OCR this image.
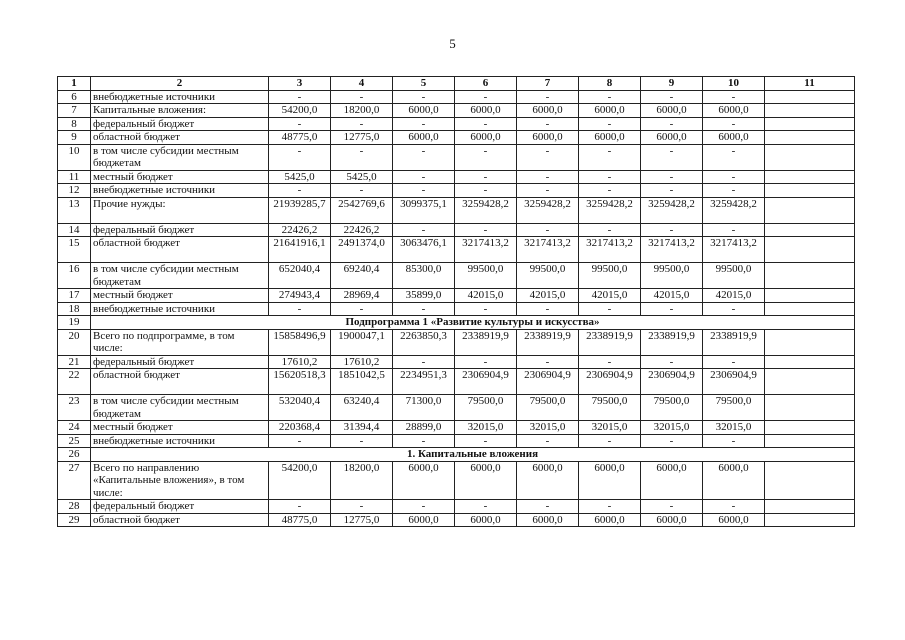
5
1	2	3	4	5	6	7	8	9	10	11
6	внебюджетные источники	-	-	-	-	-	-	-	-	
7	Капитальные вложения:	54200,0	18200,0	6000,0	6000,0	6000,0	6000,0	6000,0	6000,0	
8	федеральный бюджет	-	-	-	-	-	-	-	-	
9	областной бюджет	48775,0	12775,0	6000,0	6000,0	6000,0	6000,0	6000,0	6000,0	
10	в том числе субсидии местным бюджетам	-	-	-	-	-	-	-	-	
11	местный бюджет	5425,0	5425,0	-	-	-	-	-	-	
12	внебюджетные источники	-	-	-	-	-	-	-	-	
13	Прочие нужды:	21939285,7	2542769,6	3099375,1	3259428,2	3259428,2	3259428,2	3259428,2	3259428,2	
14	федеральный бюджет	22426,2	22426,2	-	-	-	-	-	-	
15	областной бюджет	21641916,1	2491374,0	3063476,1	3217413,2	3217413,2	3217413,2	3217413,2	3217413,2	
16	в том числе субсидии местным бюджетам	652040,4	69240,4	85300,0	99500,0	99500,0	99500,0	99500,0	99500,0	
17	местный бюджет	274943,4	28969,4	35899,0	42015,0	42015,0	42015,0	42015,0	42015,0	
18	внебюджетные источники	-	-	-	-	-	-	-	-	
19	Подпрограмма 1 «Развитие культуры и искусства»									
20	Всего по подпрограмме, в том числе:	15858496,9	1900047,1	2263850,3	2338919,9	2338919,9	2338919,9	2338919,9	2338919,9	
21	федеральный бюджет	17610,2	17610,2	-	-	-	-	-	-	
22	областной бюджет	15620518,3	1851042,5	2234951,3	2306904,9	2306904,9	2306904,9	2306904,9	2306904,9	
23	в том числе субсидии местным бюджетам	532040,4	63240,4	71300,0	79500,0	79500,0	79500,0	79500,0	79500,0	
24	местный бюджет	220368,4	31394,4	28899,0	32015,0	32015,0	32015,0	32015,0	32015,0	
25	внебюджетные источники	-	-	-	-	-	-	-	-	
26	1. Капитальные вложения									
27	Всего по направлению «Капитальные вложения», в том числе:	54200,0	18200,0	6000,0	6000,0	6000,0	6000,0	6000,0	6000,0	
28	федеральный бюджет	-	-	-	-	-	-	-	-	
29	областной бюджет	48775,0	12775,0	6000,0	6000,0	6000,0	6000,0	6000,0	6000,0	
